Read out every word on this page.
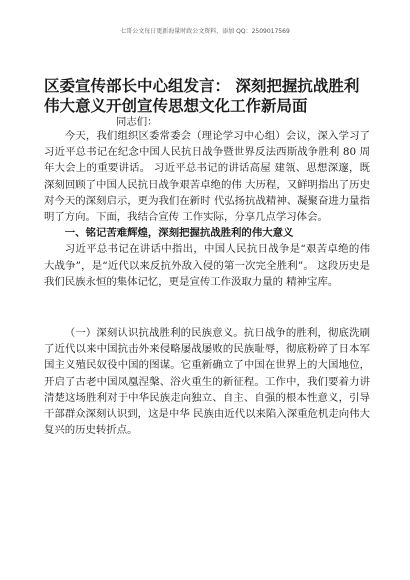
七哥公文每日更新海量时政公文资料，添加 QQ：2509017569
区委宣传部长中心组发言： 深刻把握抗战胜利
伟大意义开创宣传思想文化工作新局面
同志们：

今天，我们组织区委常委会（理论学习中心组）会议，深入学习了 习近平总书记在纪念中国人民抗日战争暨世界反法西斯战争胜利 80 周年大会上的重要讲话。 习近平总书记的讲话高屋 建瓴、思想深邃，既深刻回顾了中国人民抗日战争艰苦卓绝的伟 大历程，又鲜明指出了历史对今天的深刻启示，更为我们在新时 代弘扬抗战精神、凝聚奋进力量指明了方向。下面，我结合宣传 工作实际，分享几点学习体会。

一、铭记苦难辉煌，深刻把握抗战胜利的伟大意义

习近平总书记在讲话中指出，中国人民抗日战争是“艰苦卓绝的伟大战争”，是“近代以来反抗外敌入侵的第一次完全胜利”。 这段历史是我们民族永恒的集体记忆，更是宣传工作汲取力量的 精神宝库。

（一）深刻认识抗战胜利的民族意义。抗日战争的胜利，彻底洗刷了近代以来中国抗击外来侵略屡战屡败的民族耻辱，彻底粉碎了日本军国主义殖民奴役中国的图谋。它重新确立了中国在世界上的大国地位，开启了古老中国凤凰涅槃、浴火重生的新征程。工作中，我们要着力讲清楚这场胜利对于中华民族走向独立、自主、自强的根本性意义，引导干部群众深刻认识到，这是中华 民族由近代以来陷入深重危机走向伟大复兴的历史转折点。
